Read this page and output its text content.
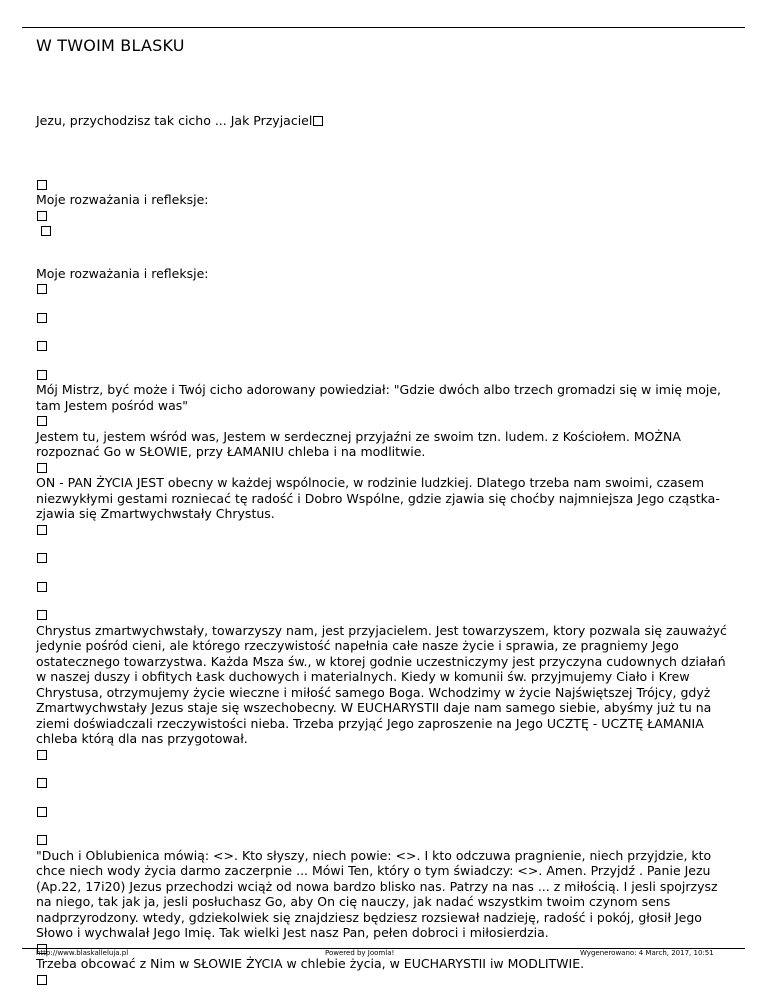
W TWOIM BLASKU

Jezu, przychodzisz tak cicho ... Jak Przyjaciel

Moje rozważania i refleksje:

Moje rozważania i refleksje:

Mój Mistrz, być może i Twój cicho adorowany powiedział: "Gdzie dwóch albo trzech gromadzi się w imię moje, tam Jestem pośród was"

Jestem tu, jestem wśród was, Jestem w serdecznej przyjaźni ze swoim tzn. ludem. z Kościołem. MOŻNA rozpoznać Go w SŁOWIE, przy ŁAMANIU chleba i na modlitwie.

ON - PAN ŻYCIA JEST obecny w każdej wspólnocie, w rodzinie ludzkiej. Dlatego trzeba nam swoimi, czasem niezwykłymi gestami rozniecać tę radość i Dobro Wspólne, gdzie zjawia się choćby najmniejsza Jego cząstka-zjawia się Zmartwychwstały Chrystus.

Chrystus zmartwychwstały, towarzyszy nam, jest przyjacielem. Jest towarzyszem, ktory pozwala się zauważyć jedynie pośród cieni, ale którego rzeczywistość napełnia całe nasze życie i sprawia, ze pragniemy Jego ostatecznego towarzystwa. Każda Msza św., w ktorej godnie uczestniczymy jest przyczyna cudownych działań w naszej duszy i obfitych Łask duchowych i materialnych. Kiedy w komunii św. przyjmujemy Ciało i Krew Chrystusa, otrzymujemy życie wieczne i miłość samego Boga. Wchodzimy w życie Najświętszej Trójcy, gdyż Zmartwychwstały Jezus staje się wszechobecny. W EUCHARYSTII daje nam samego siebie, abyśmy już tu na ziemi doświadczali rzeczywistości nieba. Trzeba przyjąć Jego zaproszenie na Jego UCZTĘ - UCZTĘ ŁAMANIA chleba którą dla nas przygotował.

"Duch i Oblubienica mówią: <>. Kto słyszy, niech powie: <>. I kto odczuwa pragnienie, niech przyjdzie, kto chce niech wody życia darmo zaczerpnie ... Mówi Ten, który o tym świadczy: <>. Amen. Przyjdź . Panie Jezu (Ap.22, 17i20) Jezus przechodzi wciąż od nowa bardzo blisko nas. Patrzy na nas ... z miłością. I jesli spojrzysz na niego, tak jak ja, jesli posłuchasz Go, aby On cię nauczy, jak nadać wszystkim twoim czynom sens nadprzyrodzony. wtedy, gdziekolwiek się znajdziesz będziesz rozsiewał nadzieję, radość i pokój, głosił Jego Słowo i wychwalał Jego Imię. Tak wielki Jest nasz Pan, pełen dobroci i miłosierdzia.

Trzeba obcować z Nim w SŁOWIE ŻYCIA w chlebie życia, w EUCHARYSTII iw MODLITWIE.

http://www.blaskalleluja.pl	Powered by Joomla!	Wygenerowano: 4 March, 2017, 10:51
